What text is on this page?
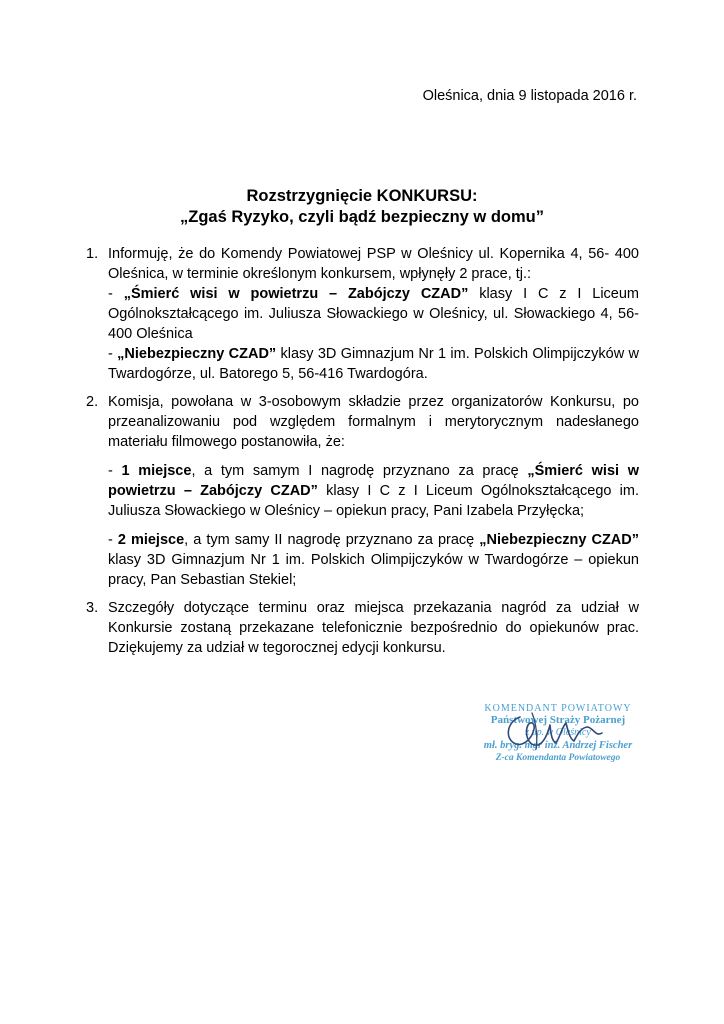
Oleśnica, dnia 9 listopada 2016 r.
Rozstrzygnięcie KONKURSU:
„Zgaś Ryzyko, czyli bądź bezpieczny w domu”
1. Informuję, że do Komendy Powiatowej PSP w Oleśnicy ul. Kopernika 4, 56- 400 Oleśnica, w terminie określonym konkursem, wpłynęły 2 prace, tj.:

- „Śmierć wisi w powietrzu – Zabójczy CZAD” klasy I C z I Liceum Ogólnokształcącego im. Juliusza Słowackiego w Oleśnicy, ul. Słowackiego 4, 56-400 Oleśnica

- „Niebezpieczny CZAD” klasy 3D Gimnazjum Nr 1 im. Polskich Olimpijczyków w Twardogórze, ul. Batorego 5, 56-416 Twardogóra.

2. Komisja, powołana w 3-osobowym składzie przez organizatorów Konkursu, po przeanalizowaniu pod względem formalnym i merytorycznym nadesłanego materiału filmowego postanowiła, że:

- 1 miejsce, a tym samym I nagrodę przyznano za pracę „Śmierć wisi w powietrzu – Zabójczy CZAD” klasy I C z I Liceum Ogólnokształcącego im. Juliusza Słowackiego w Oleśnicy – opiekun pracy, Pani Izabela Przyłęcka;

- 2 miejsce, a tym samy II nagrodę przyznano za pracę „Niebezpieczny CZAD” klasy 3D Gimnazjum Nr 1 im. Polskich Olimpijczyków w Twardogórze – opiekun pracy, Pan Sebastian Stekiel;

3. Szczegóły dotyczące terminu oraz miejsca przekazania nagród za udział w Konkursie zostaną przekazane telefonicznie bezpośrednio do opiekunów prac. Dziękujemy za udział w tegorocznej edycji konkursu.

KOMENDANT POWIATOWY
Państwowej Straży Pożarnej
z up. w Oleśnicy
mł. bryg. mgr inż. Andrzej Fischer
Z-ca Komendanta Powiatowego
